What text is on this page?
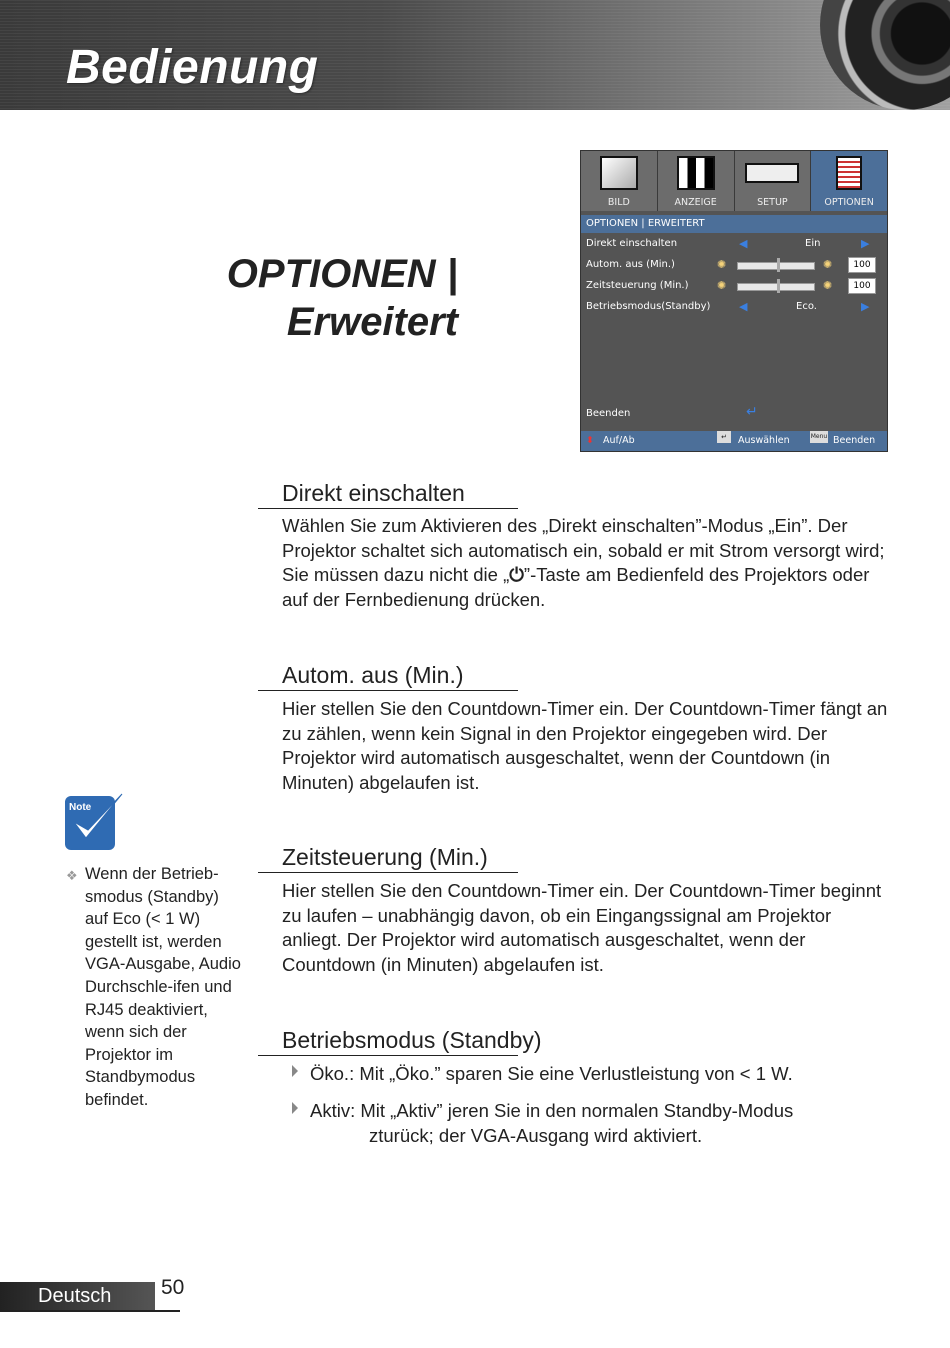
Bedienung
OPTIONEN |
Erweitert
BILD	ANZEIGE	SETUP	OPTIONEN
OPTIONEN | ERWEITERT
Direkt einschalten	◀	Ein	▶
Autom. aus (Min.)	✺	✺	100
Zeitsteuerung (Min.)	✺	✺	100
Betriebsmodus(Standby)	◀	Eco.	▶
Beenden	↵
⬍ Auf/Ab	↵	Auswählen	Menu Beenden
Direkt einschalten
Wählen Sie zum Aktivieren des „Direkt einschalten”-Modus „Ein”. Der Projektor schaltet sich automatisch ein, sobald er mit Strom versorgt wird; Sie müssen dazu nicht die „⏻”-Taste am Bedienfeld des Projektors oder auf der Fernbedienung drücken.
Autom. aus (Min.)
Hier stellen Sie den Countdown-Timer ein. Der Countdown-Timer fängt an zu zählen, wenn kein Signal in den Projektor eingegeben wird. Der Projektor wird automatisch ausgeschaltet, wenn der Countdown (in Minuten) abgelaufen ist.
Zeitsteuerung (Min.)
Hier stellen Sie den Countdown-Timer ein. Der Countdown-Timer beginnt zu laufen – unabhängig davon, ob ein Eingangssignal am Projektor anliegt. Der Projektor wird automatisch ausgeschaltet, wenn der Countdown (in Minuten) abgelaufen ist.
Betriebsmodus (Standby)
Öko.: Mit „Öko.” sparen Sie eine Verlustleistung von < 1 W.
Aktiv: Mit „Aktiv” jeren Sie in den normalen Standby-Modus
zturück; der VGA-Ausgang wird aktiviert.
Note
❖ Wenn der Betrieb-smodus (Standby) auf Eco (< 1 W) gestellt ist, werden VGA-Ausgabe, Audio Durchschle-ifen und RJ45 deaktiviert, wenn sich der Projektor im Standbymodus befindet.
Deutsch	50
